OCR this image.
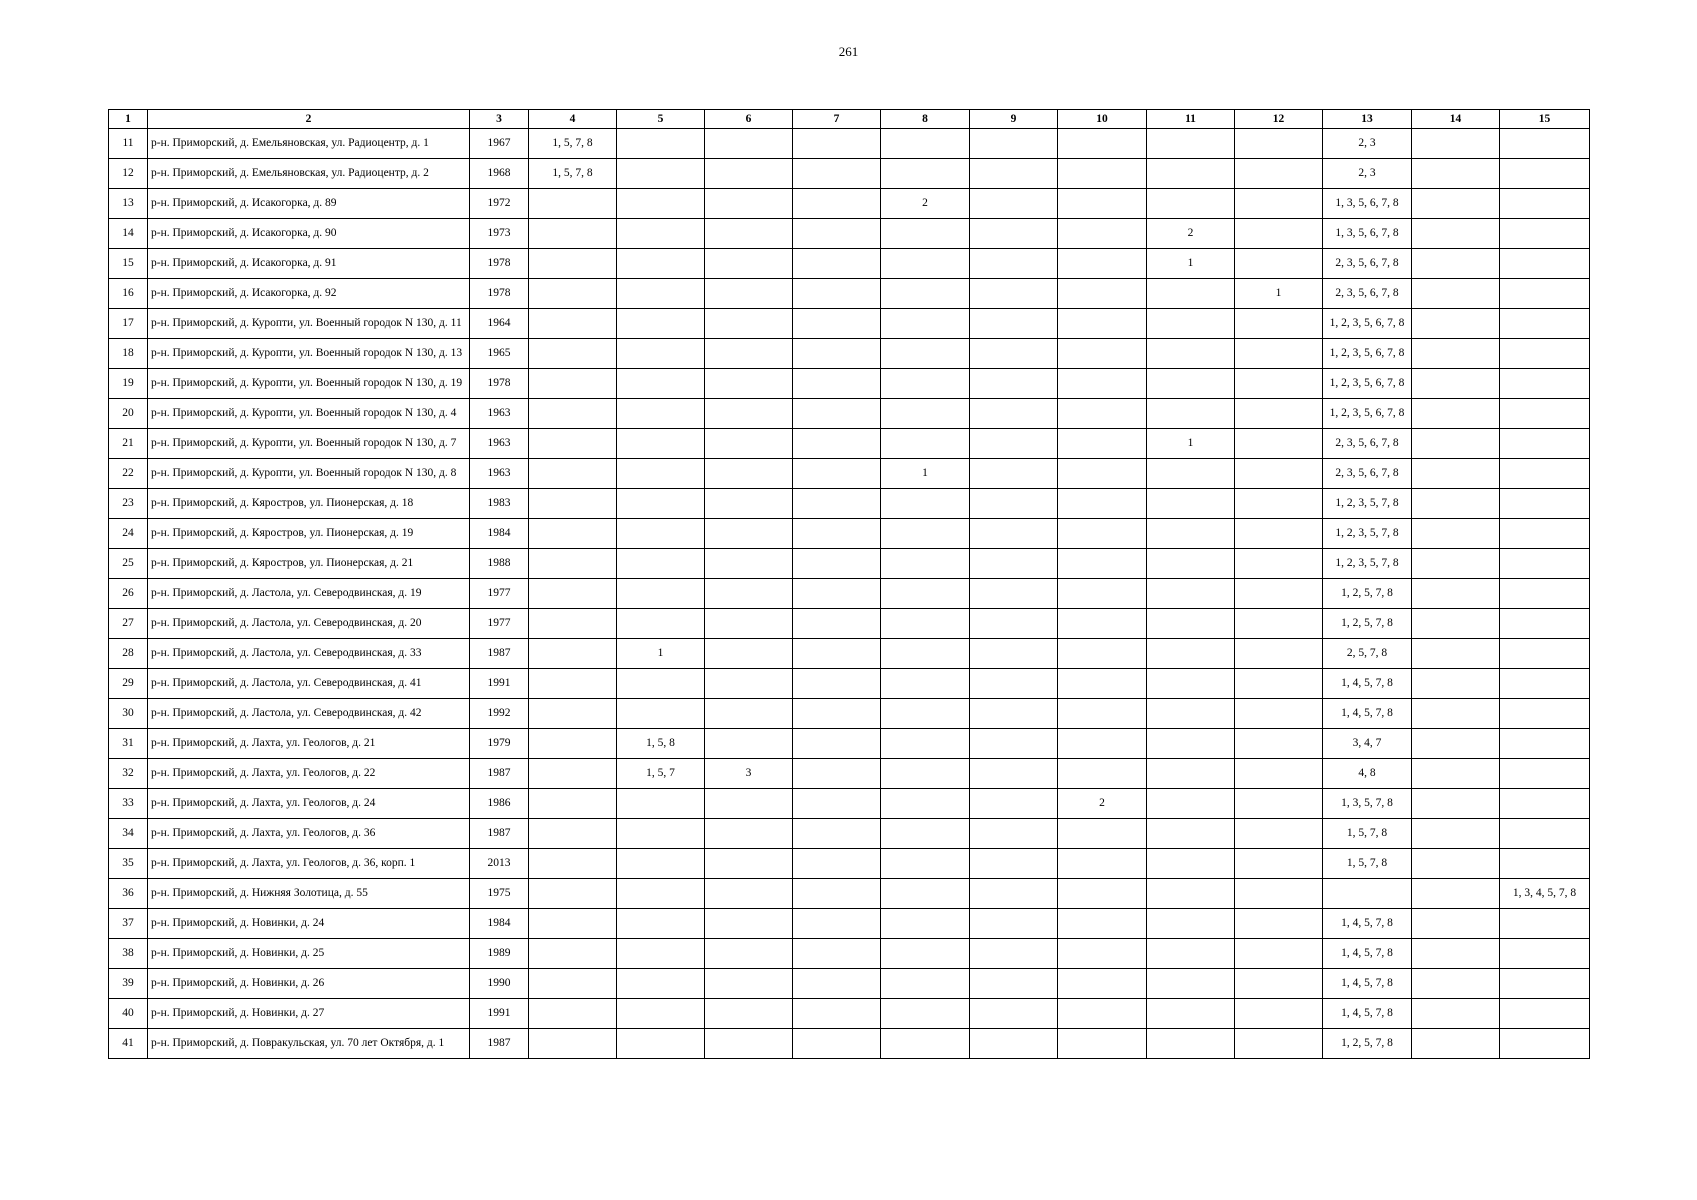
261
1	2	3	4	5	6	7	8	9	10	11	12	13	14	15
11	р-н. Приморский, д. Емельяновская, ул. Радиоцентр, д. 1	1967	1, 5, 7, 8									2, 3		
12	р-н. Приморский, д. Емельяновская, ул. Радиоцентр, д. 2	1968	1, 5, 7, 8									2, 3		
13	р-н. Приморский, д. Исакогорка, д. 89	1972					2					1, 3, 5, 6, 7, 8		
14	р-н. Приморский, д. Исакогорка, д. 90	1973								2		1, 3, 5, 6, 7, 8		
15	р-н. Приморский, д. Исакогорка, д. 91	1978								1		2, 3, 5, 6, 7, 8		
16	р-н. Приморский, д. Исакогорка, д. 92	1978									1	2, 3, 5, 6, 7, 8		
17	р-н. Приморский, д. Куропти, ул. Военный городок N 130, д. 11	1964										1, 2, 3, 5, 6, 7, 8		
18	р-н. Приморский, д. Куропти, ул. Военный городок N 130, д. 13	1965										1, 2, 3, 5, 6, 7, 8		
19	р-н. Приморский, д. Куропти, ул. Военный городок N 130, д. 19	1978										1, 2, 3, 5, 6, 7, 8		
20	р-н. Приморский, д. Куропти, ул. Военный городок N 130, д. 4	1963										1, 2, 3, 5, 6, 7, 8		
21	р-н. Приморский, д. Куропти, ул. Военный городок N 130, д. 7	1963								1		2, 3, 5, 6, 7, 8		
22	р-н. Приморский, д. Куропти, ул. Военный городок N 130, д. 8	1963					1					2, 3, 5, 6, 7, 8		
23	р-н. Приморский, д. Кяростров, ул. Пионерская, д. 18	1983										1, 2, 3, 5, 7, 8		
24	р-н. Приморский, д. Кяростров, ул. Пионерская, д. 19	1984										1, 2, 3, 5, 7, 8		
25	р-н. Приморский, д. Кяростров, ул. Пионерская, д. 21	1988										1, 2, 3, 5, 7, 8		
26	р-н. Приморский, д. Ластола, ул. Северодвинская, д. 19	1977										1, 2, 5, 7, 8		
27	р-н. Приморский, д. Ластола, ул. Северодвинская, д. 20	1977										1, 2, 5, 7, 8		
28	р-н. Приморский, д. Ластола, ул. Северодвинская, д. 33	1987		1								2, 5, 7, 8		
29	р-н. Приморский, д. Ластола, ул. Северодвинская, д. 41	1991										1, 4, 5, 7, 8		
30	р-н. Приморский, д. Ластола, ул. Северодвинская, д. 42	1992										1, 4, 5, 7, 8		
31	р-н. Приморский, д. Лахта, ул. Геологов, д. 21	1979		1, 5, 8								3, 4, 7		
32	р-н. Приморский, д. Лахта, ул. Геологов, д. 22	1987		1, 5, 7	3							4, 8		
33	р-н. Приморский, д. Лахта, ул. Геологов, д. 24	1986							2			1, 3, 5, 7, 8		
34	р-н. Приморский, д. Лахта, ул. Геологов, д. 36	1987										1, 5, 7, 8		
35	р-н. Приморский, д. Лахта, ул. Геологов, д. 36, корп. 1	2013										1, 5, 7, 8		
36	р-н. Приморский, д. Нижняя Золотица, д. 55	1975												1, 3, 4, 5, 7, 8
37	р-н. Приморский, д. Новинки, д. 24	1984										1, 4, 5, 7, 8		
38	р-н. Приморский, д. Новинки, д. 25	1989										1, 4, 5, 7, 8		
39	р-н. Приморский, д. Новинки, д. 26	1990										1, 4, 5, 7, 8		
40	р-н. Приморский, д. Новинки, д. 27	1991										1, 4, 5, 7, 8		
41	р-н. Приморский, д. Повракульская, ул. 70 лет Октября, д. 1	1987										1, 2, 5, 7, 8		
